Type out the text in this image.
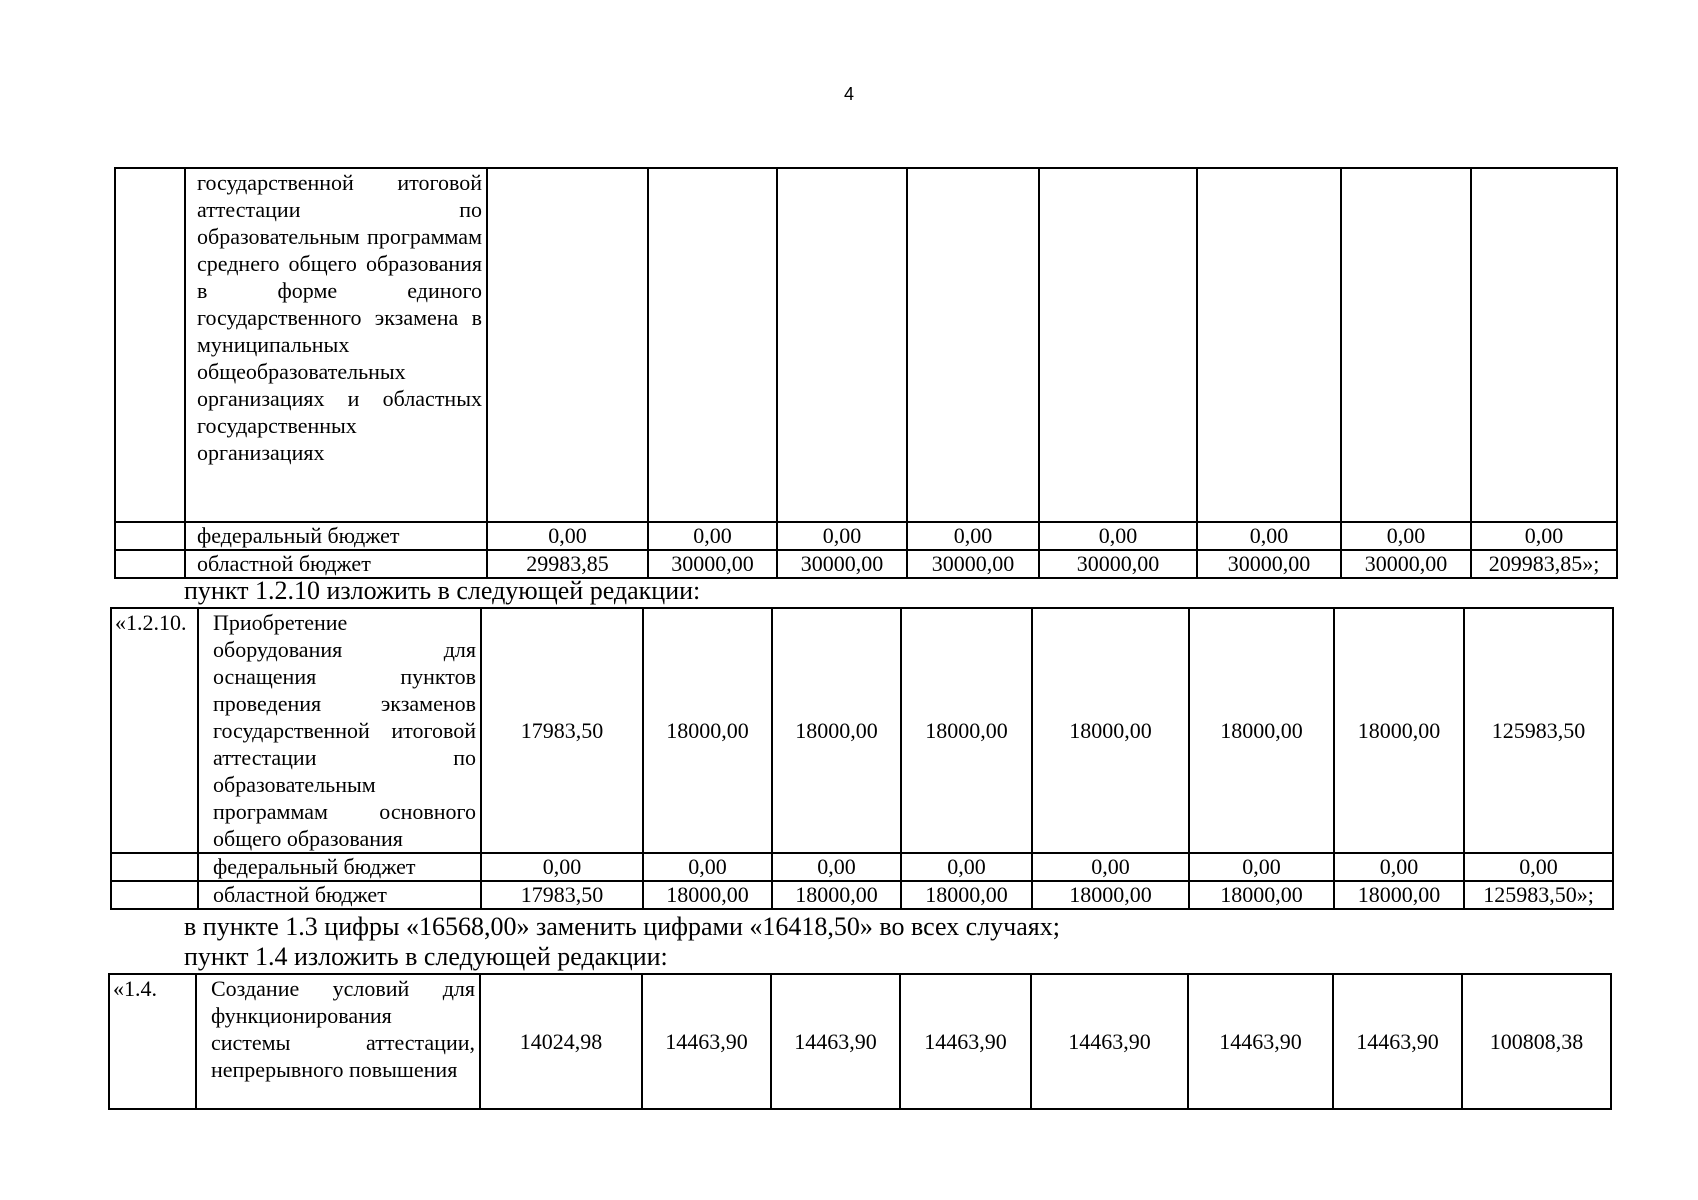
4
	государственной итоговой аттестации по образовательным программам среднего общего образования в форме единого государственного экзамена в муниципальных общеобразовательных организациях и областных государственных организациях								
	федеральный бюджет	0,00	0,00	0,00	0,00	0,00	0,00	0,00	0,00
	областной бюджет	29983,85	30000,00	30000,00	30000,00	30000,00	30000,00	30000,00	209983,85»;
пункт 1.2.10 изложить в следующей редакции:
«1.2.10.	Приобретение оборудования для оснащения пунктов проведения экзаменов государственной итоговой аттестации по образовательным программам основного общего образования	17983,50	18000,00	18000,00	18000,00	18000,00	18000,00	18000,00	125983,50
	федеральный бюджет	0,00	0,00	0,00	0,00	0,00	0,00	0,00	0,00
	областной бюджет	17983,50	18000,00	18000,00	18000,00	18000,00	18000,00	18000,00	125983,50»;
в пункте 1.3 цифры «16568,00» заменить цифрами «16418,50» во всех случаях;
пункт 1.4 изложить в следующей редакции:
«1.4.	Создание условий для функционирования системы аттестации, непрерывного повышения	14024,98	14463,90	14463,90	14463,90	14463,90	14463,90	14463,90	100808,38
